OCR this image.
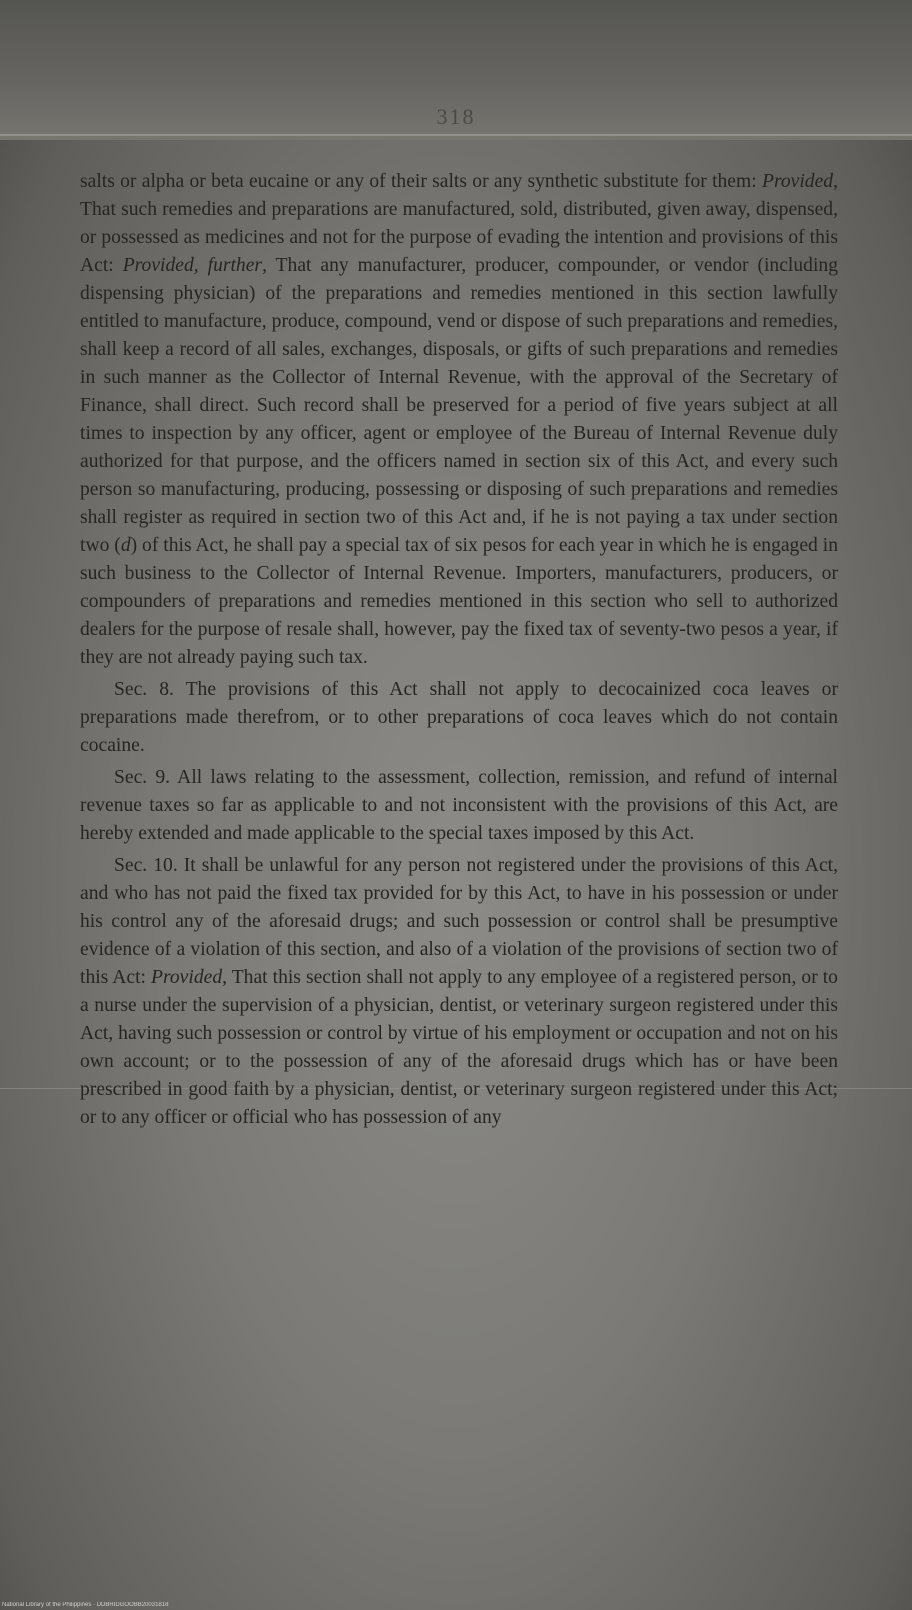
318

salts or alpha or beta eucaine or any of their salts or any synthetic substitute for them: Provided, That such remedies and preparations are manufactured, sold, distributed, given away, dispensed, or possessed as medicines and not for the purpose of evading the intention and provisions of this Act: Provided, further, That any manufacturer, producer, compounder, or vendor (including dispensing physician) of the preparations and remedies mentioned in this section lawfully entitled to manufacture, produce, compound, vend or dispose of such preparations and remedies, shall keep a record of all sales, exchanges, disposals, or gifts of such preparations and remedies in such manner as the Collector of Internal Revenue, with the approval of the Secretary of Finance, shall direct. Such record shall be preserved for a period of five years subject at all times to inspection by any officer, agent or employee of the Bureau of Internal Revenue duly authorized for that purpose, and the officers named in section six of this Act, and every such person so manufacturing, producing, possessing or disposing of such preparations and remedies shall register as required in section two of this Act and, if he is not paying a tax under section two (d) of this Act, he shall pay a special tax of six pesos for each year in which he is engaged in such business to the Collector of Internal Revenue. Importers, manufacturers, producers, or compounders of preparations and remedies mentioned in this section who sell to authorized dealers for the purpose of resale shall, however, pay the fixed tax of seventy-two pesos a year, if they are not already paying such tax.

Sec. 8. The provisions of this Act shall not apply to decocainized coca leaves or preparations made therefrom, or to other preparations of coca leaves which do not contain cocaine.

Sec. 9. All laws relating to the assessment, collection, remission, and refund of internal revenue taxes so far as applicable to and not inconsistent with the provisions of this Act, are hereby extended and made applicable to the special taxes imposed by this Act.

Sec. 10. It shall be unlawful for any person not registered under the provisions of this Act, and who has not paid the fixed tax provided for by this Act, to have in his possession or under his control any of the aforesaid drugs; and such possession or control shall be presumptive evidence of a violation of this section, and also of a violation of the provisions of section two of this Act: Provided, That this section shall not apply to any employee of a registered person, or to a nurse under the supervision of a physician, dentist, or veterinary surgeon registered under this Act, having such possession or control by virtue of his employment or occupation and not on his own account; or to the possession of any of the aforesaid drugs which has or have been prescribed in good faith by a physician, dentist, or veterinary surgeon registered under this Act; or to any officer or official who has possession of any

National Library of the Philippines · DDBRIDGOOBB20031818
